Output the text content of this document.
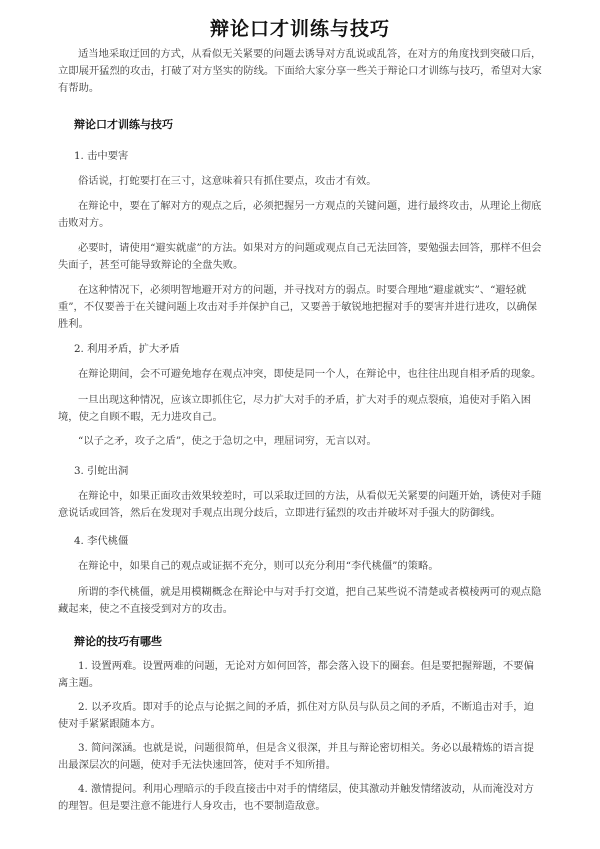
辩论口才训练与技巧

适当地采取迂回的方式，从看似无关紧要的问题去诱导对方乱说或乱答，在对方的角度找到突破口后，立即展开猛烈的攻击，打破了对方坚实的防线。下面给大家分享一些关于辩论口才训练与技巧，希望对大家有帮助。

辩论口才训练与技巧
1. 击中要害

俗话说，打蛇要打在三寸，这意味着只有抓住要点，攻击才有效。

在辩论中，要在了解对方的观点之后，必须把握另一方观点的关键问题，进行最终攻击，从理论上彻底击败对方。

必要时，请使用“避实就虚”的方法。如果对方的问题或观点自己无法回答，要勉强去回答，那样不但会失面子，甚至可能导致辩论的全盘失败。

在这种情况下，必须明智地避开对方的问题，并寻找对方的弱点。时要合理地“避虚就实”、“避轻就重”，不仅要善于在关键问题上攻击对手并保护自己，又要善于敏锐地把握对手的要害并进行进攻，以确保胜利。

2. 利用矛盾，扩大矛盾

在辩论期间，会不可避免地存在观点冲突，即使是同一个人，在辩论中，也往往出现自相矛盾的现象。

一旦出现这种情况，应该立即抓住它，尽力扩大对手的矛盾，扩大对手的观点裂痕，追使对手陷入困境，使之自顾不暇，无力进攻自己。

“以子之矛，攻子之盾”，使之于急切之中，理屈词穷，无言以对。

3. 引蛇出洞

在辩论中，如果正面攻击效果较差时，可以采取迂回的方法，从看似无关紧要的问题开始，诱使对手随意说话或回答，然后在发现对手观点出现分歧后，立即进行猛烈的攻击并破坏对手强大的防御线。

4. 李代桃僵

在辩论中，如果自己的观点或证据不充分，则可以充分利用“李代桃僵”的策略。

所谓的李代桃僵，就是用模糊概念在辩论中与对手打交道，把自己某些说不清楚或者模棱两可的观点隐藏起来，使之不直接受到对方的攻击。

辩论的技巧有哪些

1. 设置两难。设置两难的问题，无论对方如何回答，都会落入设下的圈套。但是要把握辩题，不要偏离主题。

2. 以矛攻盾。即对手的论点与论据之间的矛盾，抓住对方队员与队员之间的矛盾，不断追击对手，迫使对手紧紧跟随本方。

3. 简问深涵。也就是说，问题很简单，但是含义很深，并且与辩论密切相关。务必以最精炼的语言提出最深层次的问题，使对手无法快速回答，使对手不知所措。

4. 激情提问。利用心理暗示的手段直接击中对手的情绪层，使其激动并触发情绪波动，从而淹没对方的理智。但是要注意不能进行人身攻击，也不要制造敌意。
